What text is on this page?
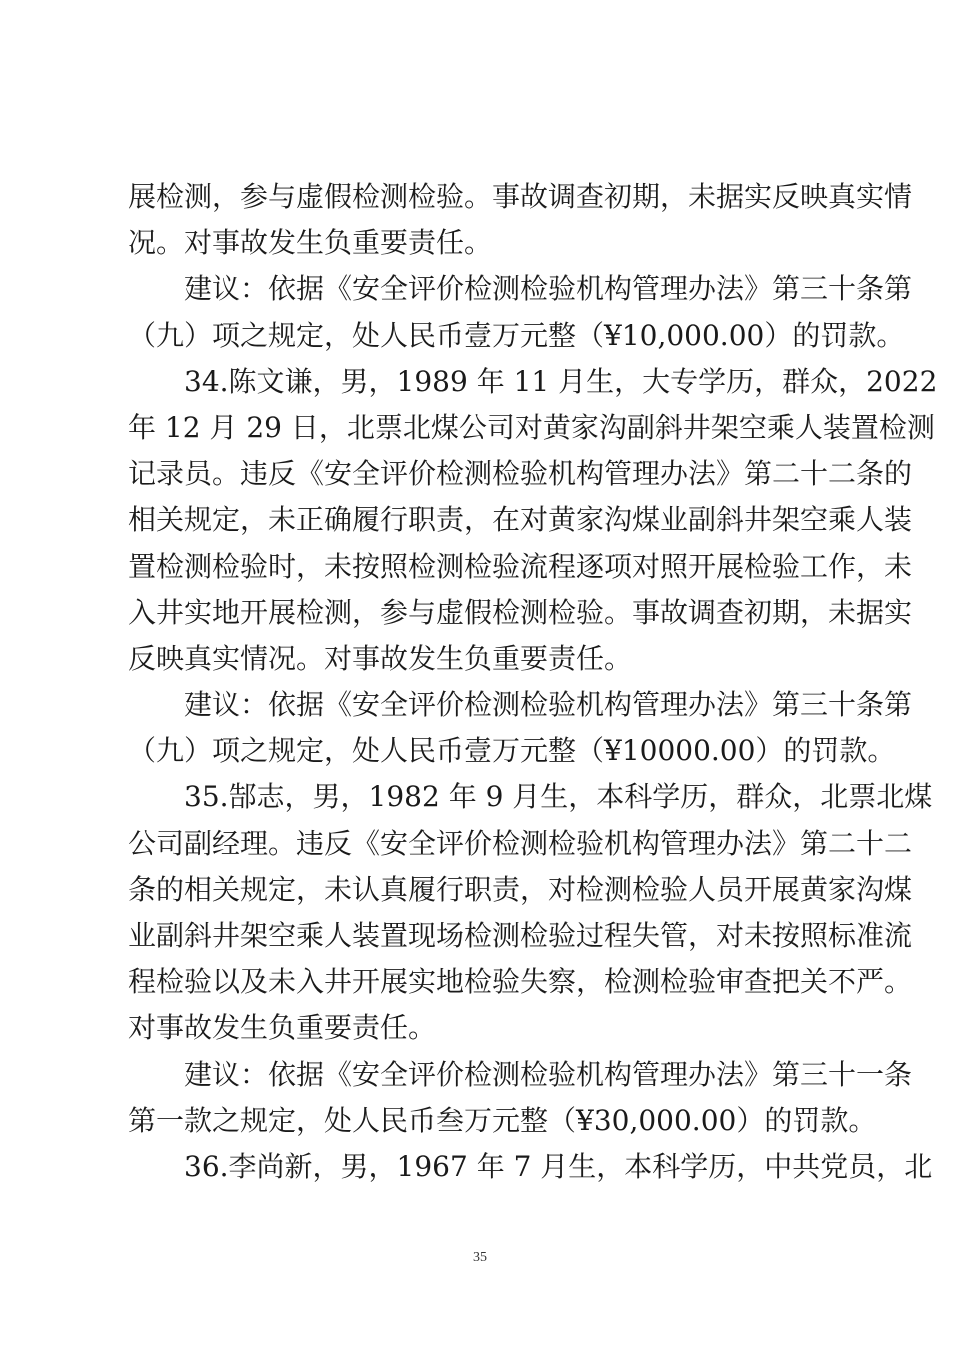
展检测，参与虚假检测检验。事故调查初期，未据实反映真实情
况。对事故发生负重要责任。
建议：依据《安全评价检测检验机构管理办法》第三十条第
（九）项之规定，处人民币壹万元整（¥10,000.00）的罚款。
34.陈文谦，男，1989 年 11 月生，大专学历，群众，2022
年 12 月 29 日，北票北煤公司对黄家沟副斜井架空乘人装置检测
记录员。违反《安全评价检测检验机构管理办法》第二十二条的
相关规定，未正确履行职责，在对黄家沟煤业副斜井架空乘人装
置检测检验时，未按照检测检验流程逐项对照开展检验工作，未
入井实地开展检测，参与虚假检测检验。事故调查初期，未据实
反映真实情况。对事故发生负重要责任。
建议：依据《安全评价检测检验机构管理办法》第三十条第
（九）项之规定，处人民币壹万元整（¥10000.00）的罚款。
35.郜志，男，1982 年 9 月生，本科学历，群众，北票北煤
公司副经理。违反《安全评价检测检验机构管理办法》第二十二
条的相关规定，未认真履行职责，对检测检验人员开展黄家沟煤
业副斜井架空乘人装置现场检测检验过程失管，对未按照标准流
程检验以及未入井开展实地检验失察，检测检验审查把关不严。
对事故发生负重要责任。
建议：依据《安全评价检测检验机构管理办法》第三十一条
第一款之规定，处人民币叁万元整（¥30,000.00）的罚款。
36.李尚新，男，1967 年 7 月生，本科学历，中共党员，北
35
